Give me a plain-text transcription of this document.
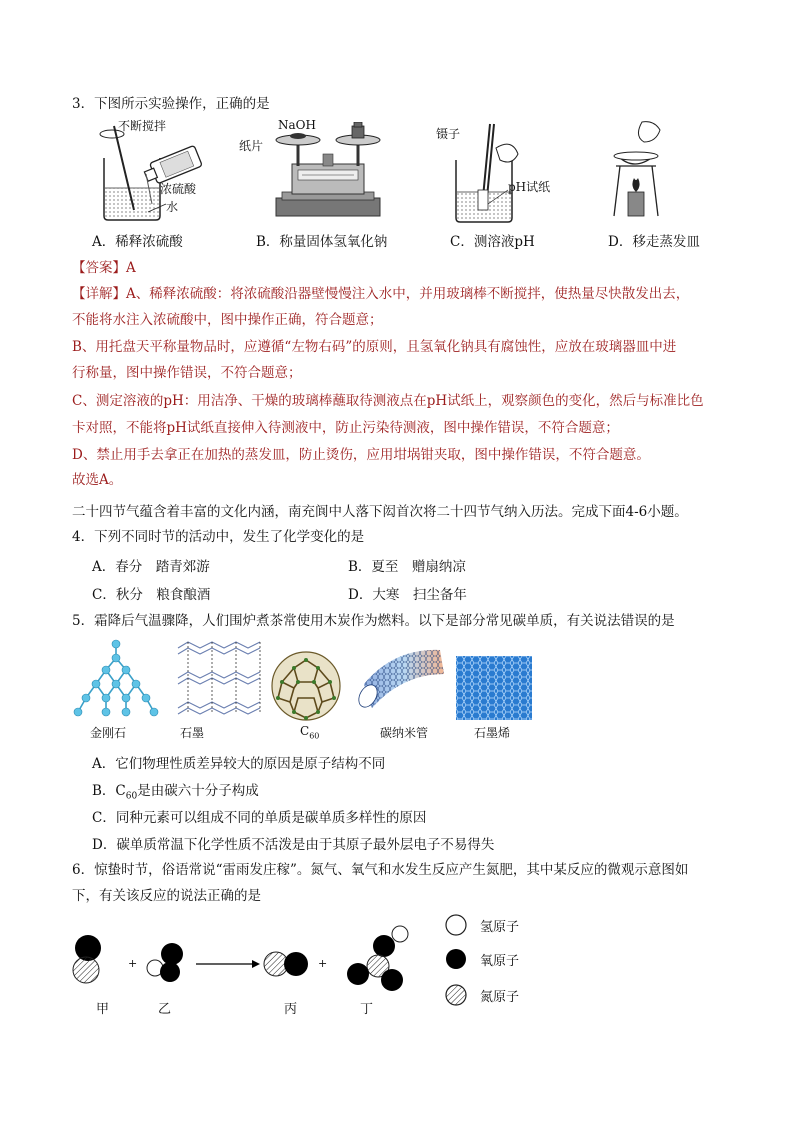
3．下图所示实验操作，正确的是
不断搅拌
浓硫酸
水
NaOH
纸片
镊子
pH试纸
A．稀释浓硫酸	B．称量固体氢氧化钠	C．测溶液pH	D．移走蒸发皿
【答案】A
【详解】A、稀释浓硫酸：将浓硫酸沿器壁慢慢注入水中，并用玻璃棒不断搅拌，使热量尽快散发出去，
不能将水注入浓硫酸中，图中操作正确，符合题意；
B、用托盘天平称量物品时，应遵循“左物右码”的原则，且氢氧化钠具有腐蚀性，应放在玻璃器皿中进
行称量，图中操作错误，不符合题意；
C、测定溶液的pH：用洁净、干燥的玻璃棒蘸取待测液点在pH试纸上，观察颜色的变化，然后与标准比色
卡对照，不能将pH试纸直接伸入待测液中，防止污染待测液，图中操作错误，不符合题意；
D、禁止用手去拿正在加热的蒸发皿，防止烫伤，应用坩埚钳夹取，图中操作错误，不符合题意。
故选A。
二十四节气蕴含着丰富的文化内涵，南充阆中人落下闳首次将二十四节气纳入历法。完成下面4-6小题。
4．下列不同时节的活动中，发生了化学变化的是
A．春分　踏青郊游	B．夏至　赠扇纳凉
C．秋分　粮食酿酒	D．大寒　扫尘备年
5．霜降后气温骤降，人们围炉煮茶常使用木炭作为燃料。以下是部分常见碳单质，有关说法错误的是
金刚石	石墨	$C_{60}$	碳纳米管	石墨烯
A．它们物理性质差异较大的原因是原子结构不同
B．$C_{60}$是由碳六十分子构成
C．同种元素可以组成不同的单质是碳单质多样性的原因
D．碳单质常温下化学性质不活泼是由于其原子最外层电子不易得失
6．惊蛰时节，俗语常说“雷雨发庄稼”。氮气、氧气和水发生反应产生氮肥，其中某反应的微观示意图如
下，有关该反应的说法正确的是
+	+
甲	乙	丙	丁
氢原子
氧原子
氮原子
